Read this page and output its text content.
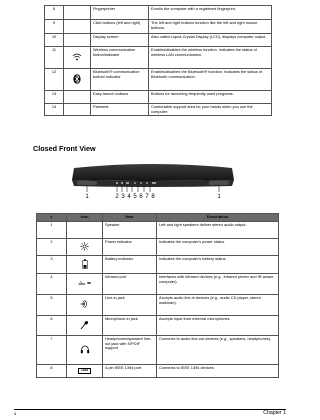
8		Fingerprinter	Enrolls the computer with a registered fingerprint.
9		Click buttons (left and right)	The left and right buttons function like the left and right mouse buttons.
10		Display screen	Also called Liquid-Crystal Display (LCD), displays computer output.
11		Wireless communication button/indicator	Enables/disables the wireless function. Indicates the status of wireless LAN communication.
12		Bluetooth® communication button/ indicator	Enables/disables the Bluetooth® function. Indicates the status of Bluetooth communication.
13		Easy-launch buttons	Buttons for launching frequently used programs.
14		Palmrest	Comfortable support area for your hands when you use the computer.
Closed Front View
1	2 3 4 5 6 7 8	1
#	Icon	Item	Description
1		Speaker	Left and right speakers deliver stereo audio output.
2		Power indicator	Indicates the computer's power status.
3		Battery indicator	Indicates the computer's battery status.
4		Infrared port	Interfaces with infrared devices (e.g., infrared printer and IR-aware computer).
5		Line-in jack	Accepts audio line-in devices (e.g., audio CD player, stereo walkman).
6		Microphone-in jack	Accepts input from external microphones.
7		Headphones/speaker/ line-out jack with S/PDIF support	Connects to audio line-out devices (e.g., speakers, headphones).
8	1394	4-pin IEEE 1394 port	Connects to IEEE 1394 devices.
4	Chapter 1
